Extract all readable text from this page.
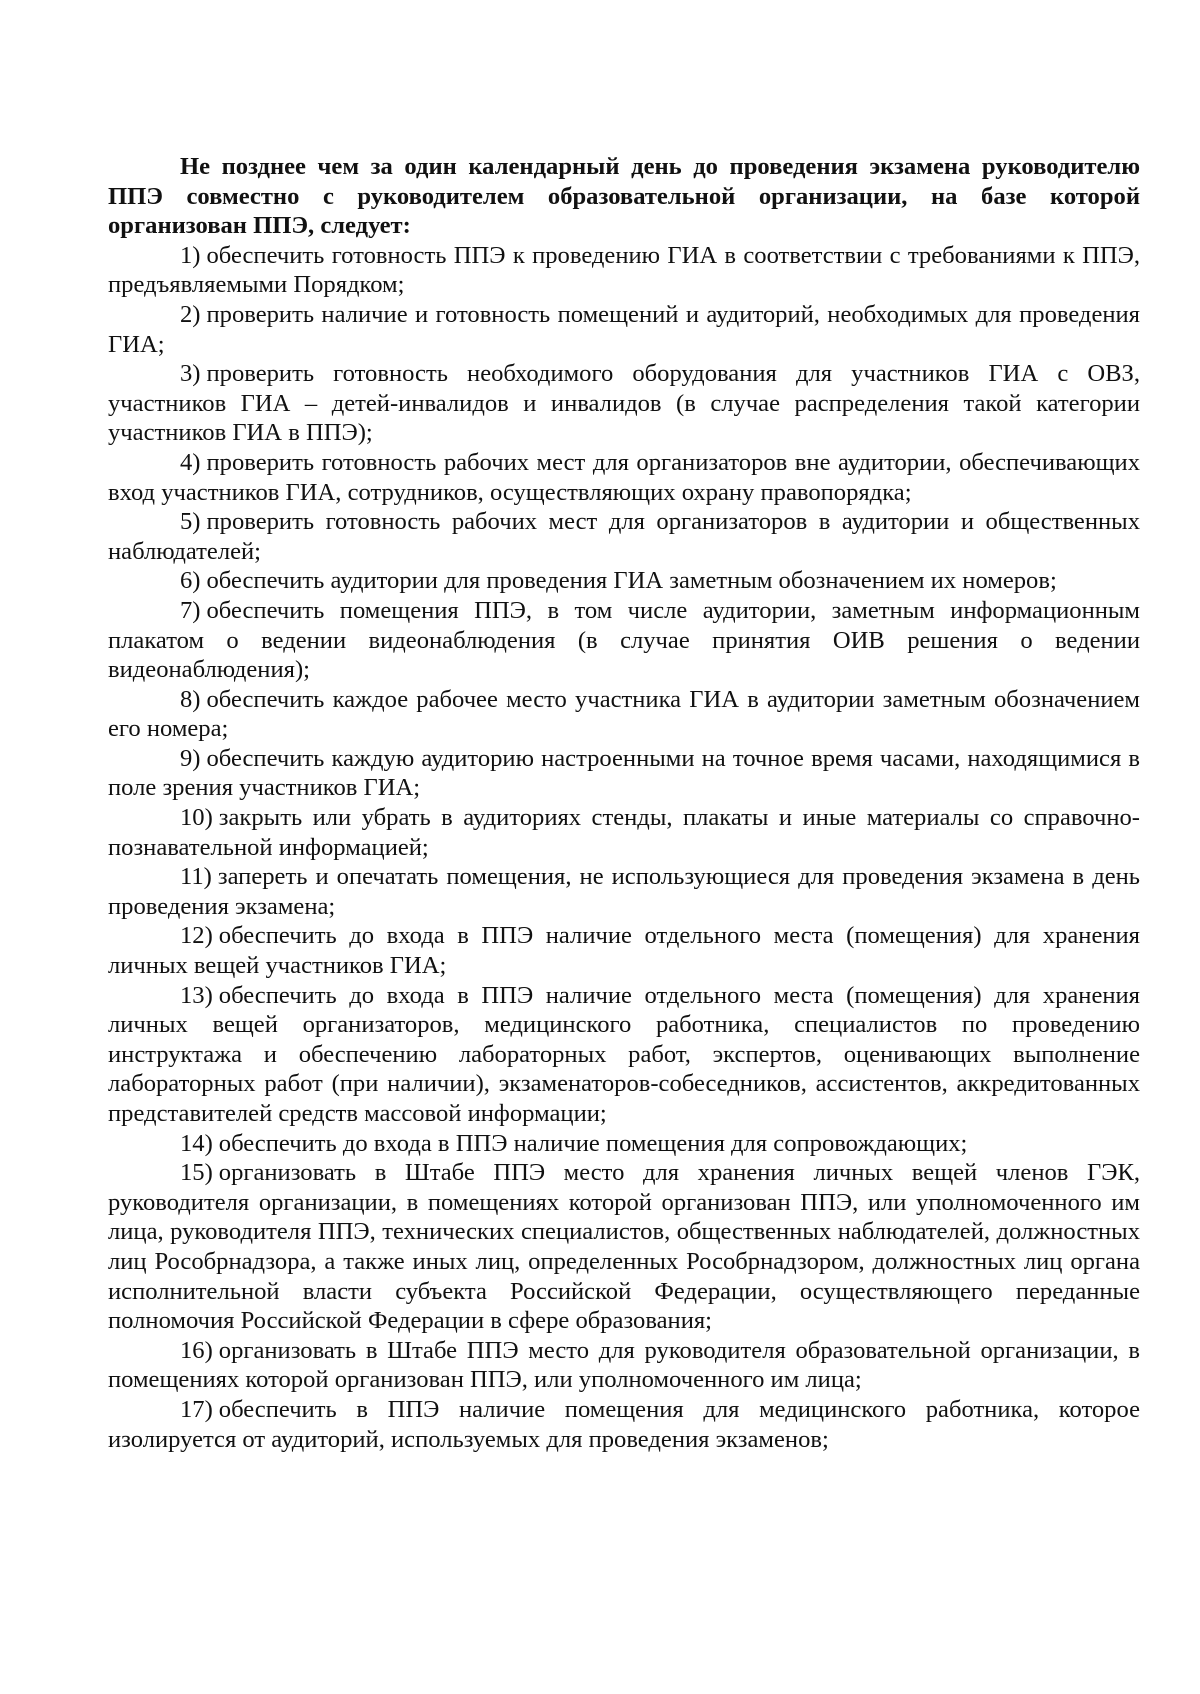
Не позднее чем за один календарный день до проведения экзамена руководителю ППЭ совместно с руководителем образовательной организации, на базе которой организован ППЭ, следует:

1) обеспечить готовность ППЭ к проведению ГИА в соответствии с требованиями к ППЭ, предъявляемыми Порядком;

2) проверить наличие и готовность помещений и аудиторий, необходимых для проведения ГИА;

3) проверить готовность необходимого оборудования для участников ГИА с ОВЗ, участников ГИА – детей-инвалидов и инвалидов (в случае распределения такой категории участников ГИА в ППЭ);

4) проверить готовность рабочих мест для организаторов вне аудитории, обеспечивающих вход участников ГИА, сотрудников, осуществляющих охрану правопорядка;

5) проверить готовность рабочих мест для организаторов в аудитории и общественных наблюдателей;

6) обеспечить аудитории для проведения ГИА заметным обозначением их номеров;

7) обеспечить помещения ППЭ, в том числе аудитории, заметным информационным плакатом о ведении видеонаблюдения (в случае принятия ОИВ решения о ведении видеонаблюдения);

8) обеспечить каждое рабочее место участника ГИА в аудитории заметным обозначением его номера;

9) обеспечить каждую аудиторию настроенными на точное время часами, находящимися в поле зрения участников ГИА;

10) закрыть или убрать в аудиториях стенды, плакаты и иные материалы со справочно-познавательной информацией;

11) запереть и опечатать помещения, не использующиеся для проведения экзамена в день проведения экзамена;

12) обеспечить до входа в ППЭ наличие отдельного места (помещения) для хранения личных вещей участников ГИА;

13) обеспечить до входа в ППЭ наличие отдельного места (помещения) для хранения личных вещей организаторов, медицинского работника, специалистов по проведению инструктажа и обеспечению лабораторных работ, экспертов, оценивающих выполнение лабораторных работ (при наличии), экзаменаторов-собеседников, ассистентов, аккредитованных представителей средств массовой информации;

14) обеспечить до входа в ППЭ наличие помещения для сопровождающих;

15) организовать в Штабе ППЭ место для хранения личных вещей членов ГЭК, руководителя организации, в помещениях которой организован ППЭ, или уполномоченного им лица, руководителя ППЭ, технических специалистов, общественных наблюдателей, должностных лиц Рособрнадзора, а также иных лиц, определенных Рособрнадзором, должностных лиц органа исполнительной власти субъекта Российской Федерации, осуществляющего переданные полномочия Российской Федерации в сфере образования;

16) организовать в Штабе ППЭ место для руководителя образовательной организации, в помещениях которой организован ППЭ, или уполномоченного им лица;

17) обеспечить в ППЭ наличие помещения для медицинского работника, которое изолируется от аудиторий, используемых для проведения экзаменов;
